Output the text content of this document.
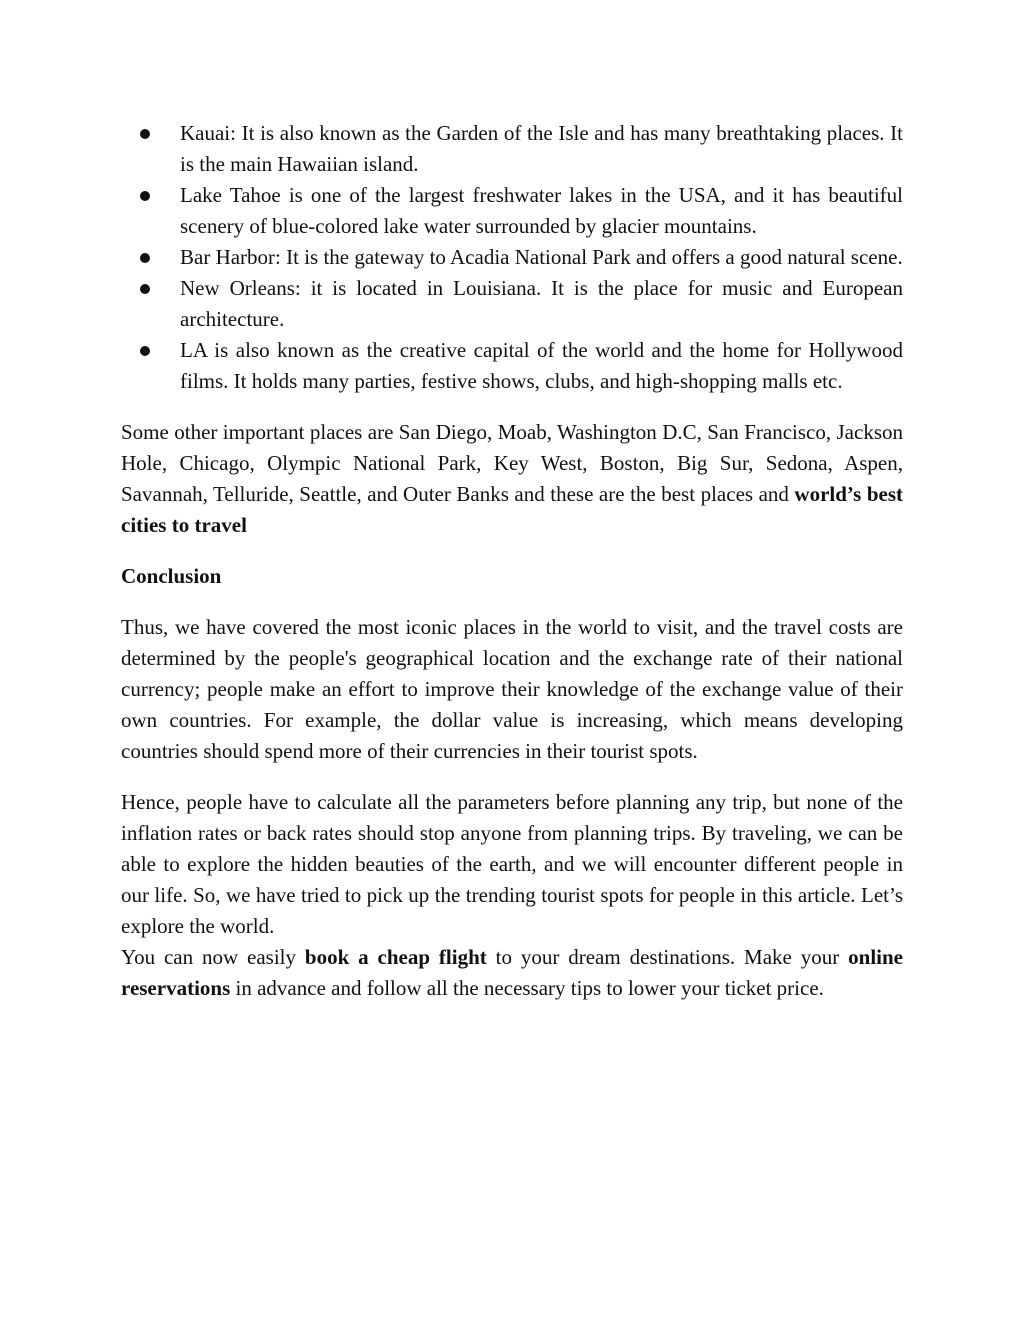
Kauai: It is also known as the Garden of the Isle and has many breathtaking places. It is the main Hawaiian island.
Lake Tahoe is one of the largest freshwater lakes in the USA, and it has beautiful scenery of blue-colored lake water surrounded by glacier mountains.
Bar Harbor: It is the gateway to Acadia National Park and offers a good natural scene.
New Orleans: it is located in Louisiana. It is the place for music and European architecture.
LA is also known as the creative capital of the world and the home for Hollywood films. It holds many parties, festive shows, clubs, and high-shopping malls etc.

Some other important places are San Diego, Moab, Washington D.C, San Francisco, Jackson Hole, Chicago, Olympic National Park, Key West, Boston, Big Sur, Sedona, Aspen, Savannah, Telluride, Seattle, and Outer Banks and these are the best places and world’s best cities to travel

Conclusion

Thus, we have covered the most iconic places in the world to visit, and the travel costs are determined by the people's geographical location and the exchange rate of their national currency; people make an effort to improve their knowledge of the exchange value of their own countries. For example, the dollar value is increasing, which means developing countries should spend more of their currencies in their tourist spots.

Hence, people have to calculate all the parameters before planning any trip, but none of the inflation rates or back rates should stop anyone from planning trips. By traveling, we can be able to explore the hidden beauties of the earth, and we will encounter different people in our life. So, we have tried to pick up the trending tourist spots for people in this article. Let’s explore the world.

You can now easily book a cheap flight to your dream destinations. Make your online reservations in advance and follow all the necessary tips to lower your ticket price.
